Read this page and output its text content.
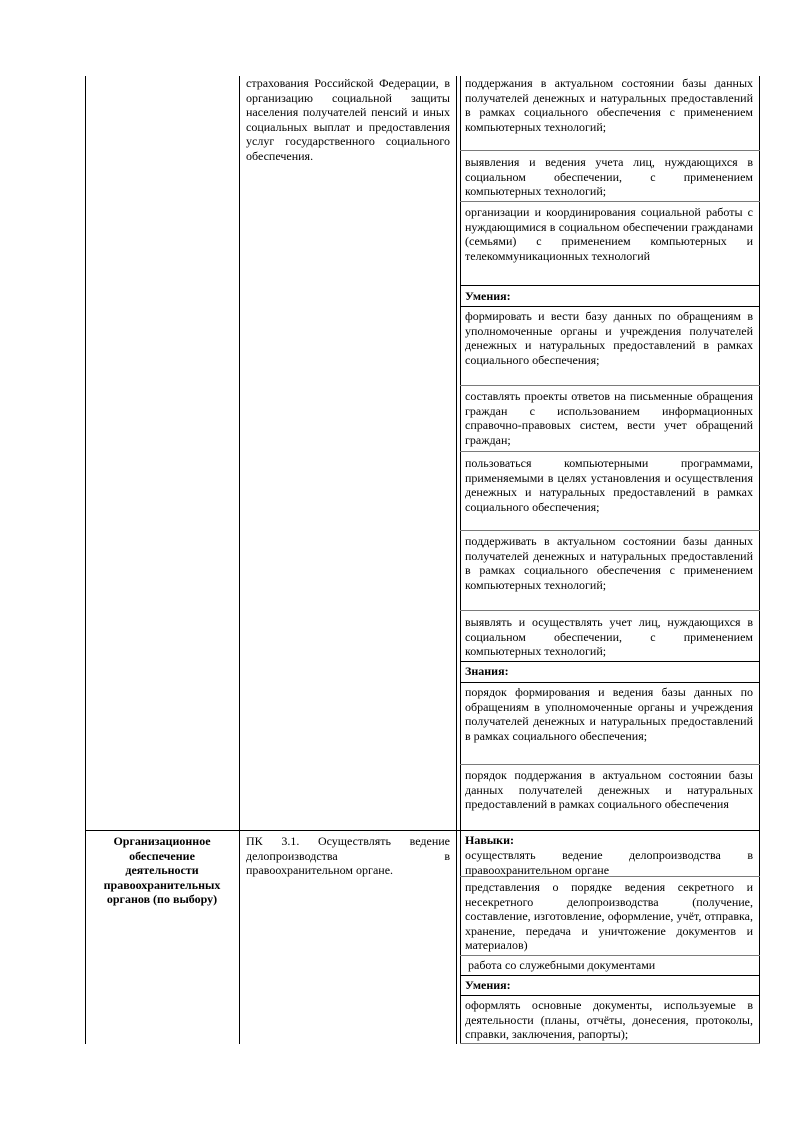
страхования Российской Федерации, в организацию социальной защиты населения получателей пенсий и иных социальных выплат и предоставления услуг государственного социального обеспечения.
поддержания в актуальном состоянии базы данных получателей денежных и натуральных предоставлений в рамках социального обеспечения с применением компьютерных технологий;
выявления и ведения учета лиц, нуждающихся в социальном обеспечении, с применением компьютерных технологий;
организации и координирования социальной работы с нуждающимися в социальном обеспечении гражданами (семьями) с применением компьютерных и телекоммуникационных технологий
Умения:
формировать и вести базу данных по обращениям в уполномоченные органы и учреждения получателей денежных и натуральных предоставлений в рамках социального обеспечения;
составлять проекты ответов на письменные обращения граждан с использованием информационных справочно-правовых систем, вести учет обращений граждан;
пользоваться компьютерными программами, применяемыми в целях установления и осуществления денежных и натуральных предоставлений в рамках социального обеспечения;
поддерживать в актуальном состоянии базы данных получателей денежных и натуральных предоставлений в рамках социального обеспечения с применением компьютерных технологий;
выявлять и осуществлять учет лиц, нуждающихся в социальном обеспечении, с применением компьютерных технологий;
Знания:
порядок формирования и ведения базы данных по обращениям в уполномоченные органы и учреждения получателей денежных и натуральных предоставлений в рамках социального обеспечения;
порядок поддержания в актуальном состоянии базы данных получателей денежных и натуральных предоставлений в рамках социального обеспечения
Организационное обеспечение деятельности правоохранительных органов (по выбору)
ПК 3.1. Осуществлять ведение делопроизводства в правоохранительном органе.
Навыки:
осуществлять ведение делопроизводства в правоохранительном органе
представления о порядке ведения секретного и несекретного делопроизводства (получение, составление, изготовление, оформление, учёт, отправка, хранение, передача и уничтожение документов и материалов)
работа со служебными документами
Умения:
оформлять основные документы, используемые в деятельности (планы, отчёты, донесения, протоколы, справки, заключения, рапорты);
